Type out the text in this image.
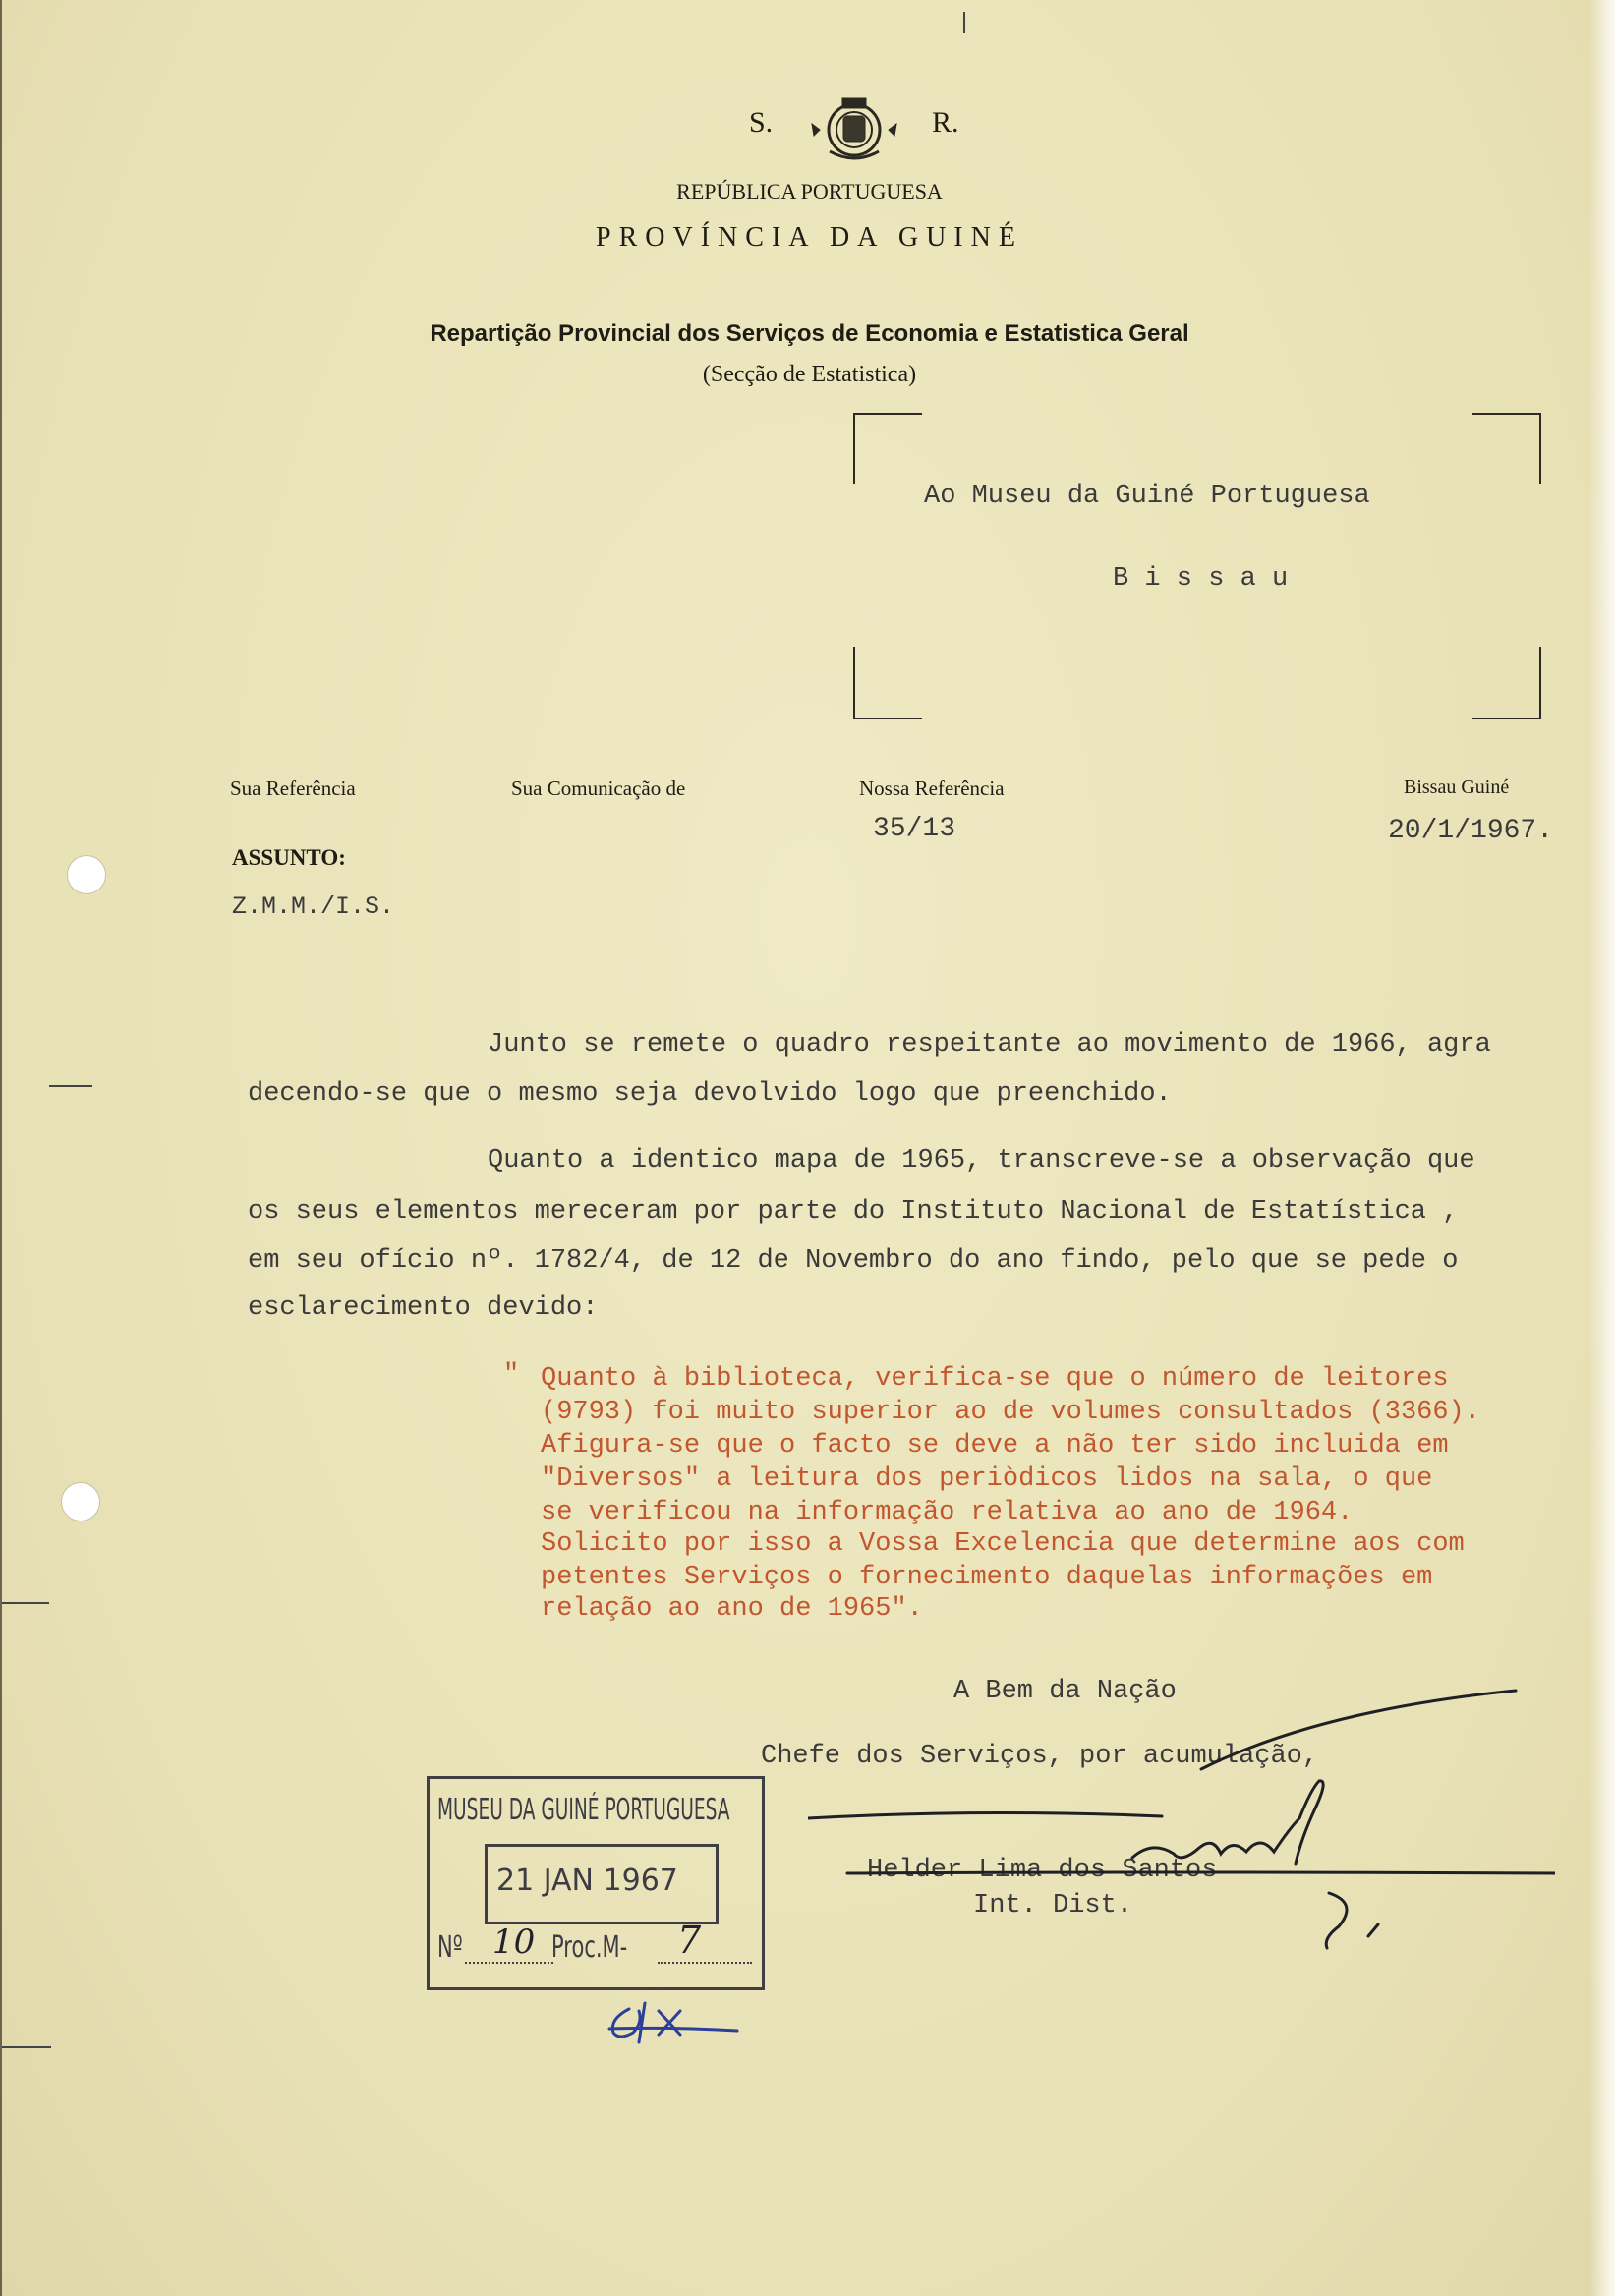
S.	R.
REPÚBLICA PORTUGUESA
PROVÍNCIA DA GUINÉ
Repartição Provincial dos Serviços de Economia e Estatistica Geral
(Secção de Estatistica)
Ao Museu da Guiné Portuguesa
B i s s a u
Sua Referência	Sua Comunicação de	Nossa Referência
35/13
Bissau Guiné
20/1/1967.
ASSUNTO:
Z.M.M./I.S.
Junto se remete o quadro respeitante ao movimento de 1966, agra
decendo-se que o mesmo seja devolvido logo que preenchido.
Quanto a identico mapa de 1965, transcreve-se a observação que
os seus elementos mereceram por parte do Instituto Nacional de Estatística ,
em seu ofício nº. 1782/4, de 12 de Novembro do ano findo, pelo que se pede o
esclarecimento devido:
" Quanto à biblioteca, verifica-se que o número de leitores
(9793) foi muito superior ao de volumes consultados (3366).
Afigura-se que o facto se deve a não ter sido incluida em
"Diversos" a leitura dos periòdicos lidos na sala, o que
se verificou na informação relativa ao ano de 1964.
Solicito por isso a Vossa Excelencia que determine aos com
petentes Serviços o fornecimento daquelas informações em
relação ao ano de 1965".
A Bem da Nação
Chefe dos Serviços, por acumulação,
Helder Lima dos Santos
Int. Dist.
MUSEU DA GUINÉ PORTUGUESA
21 JAN 1967
Nº 10 Proc.M- 7
